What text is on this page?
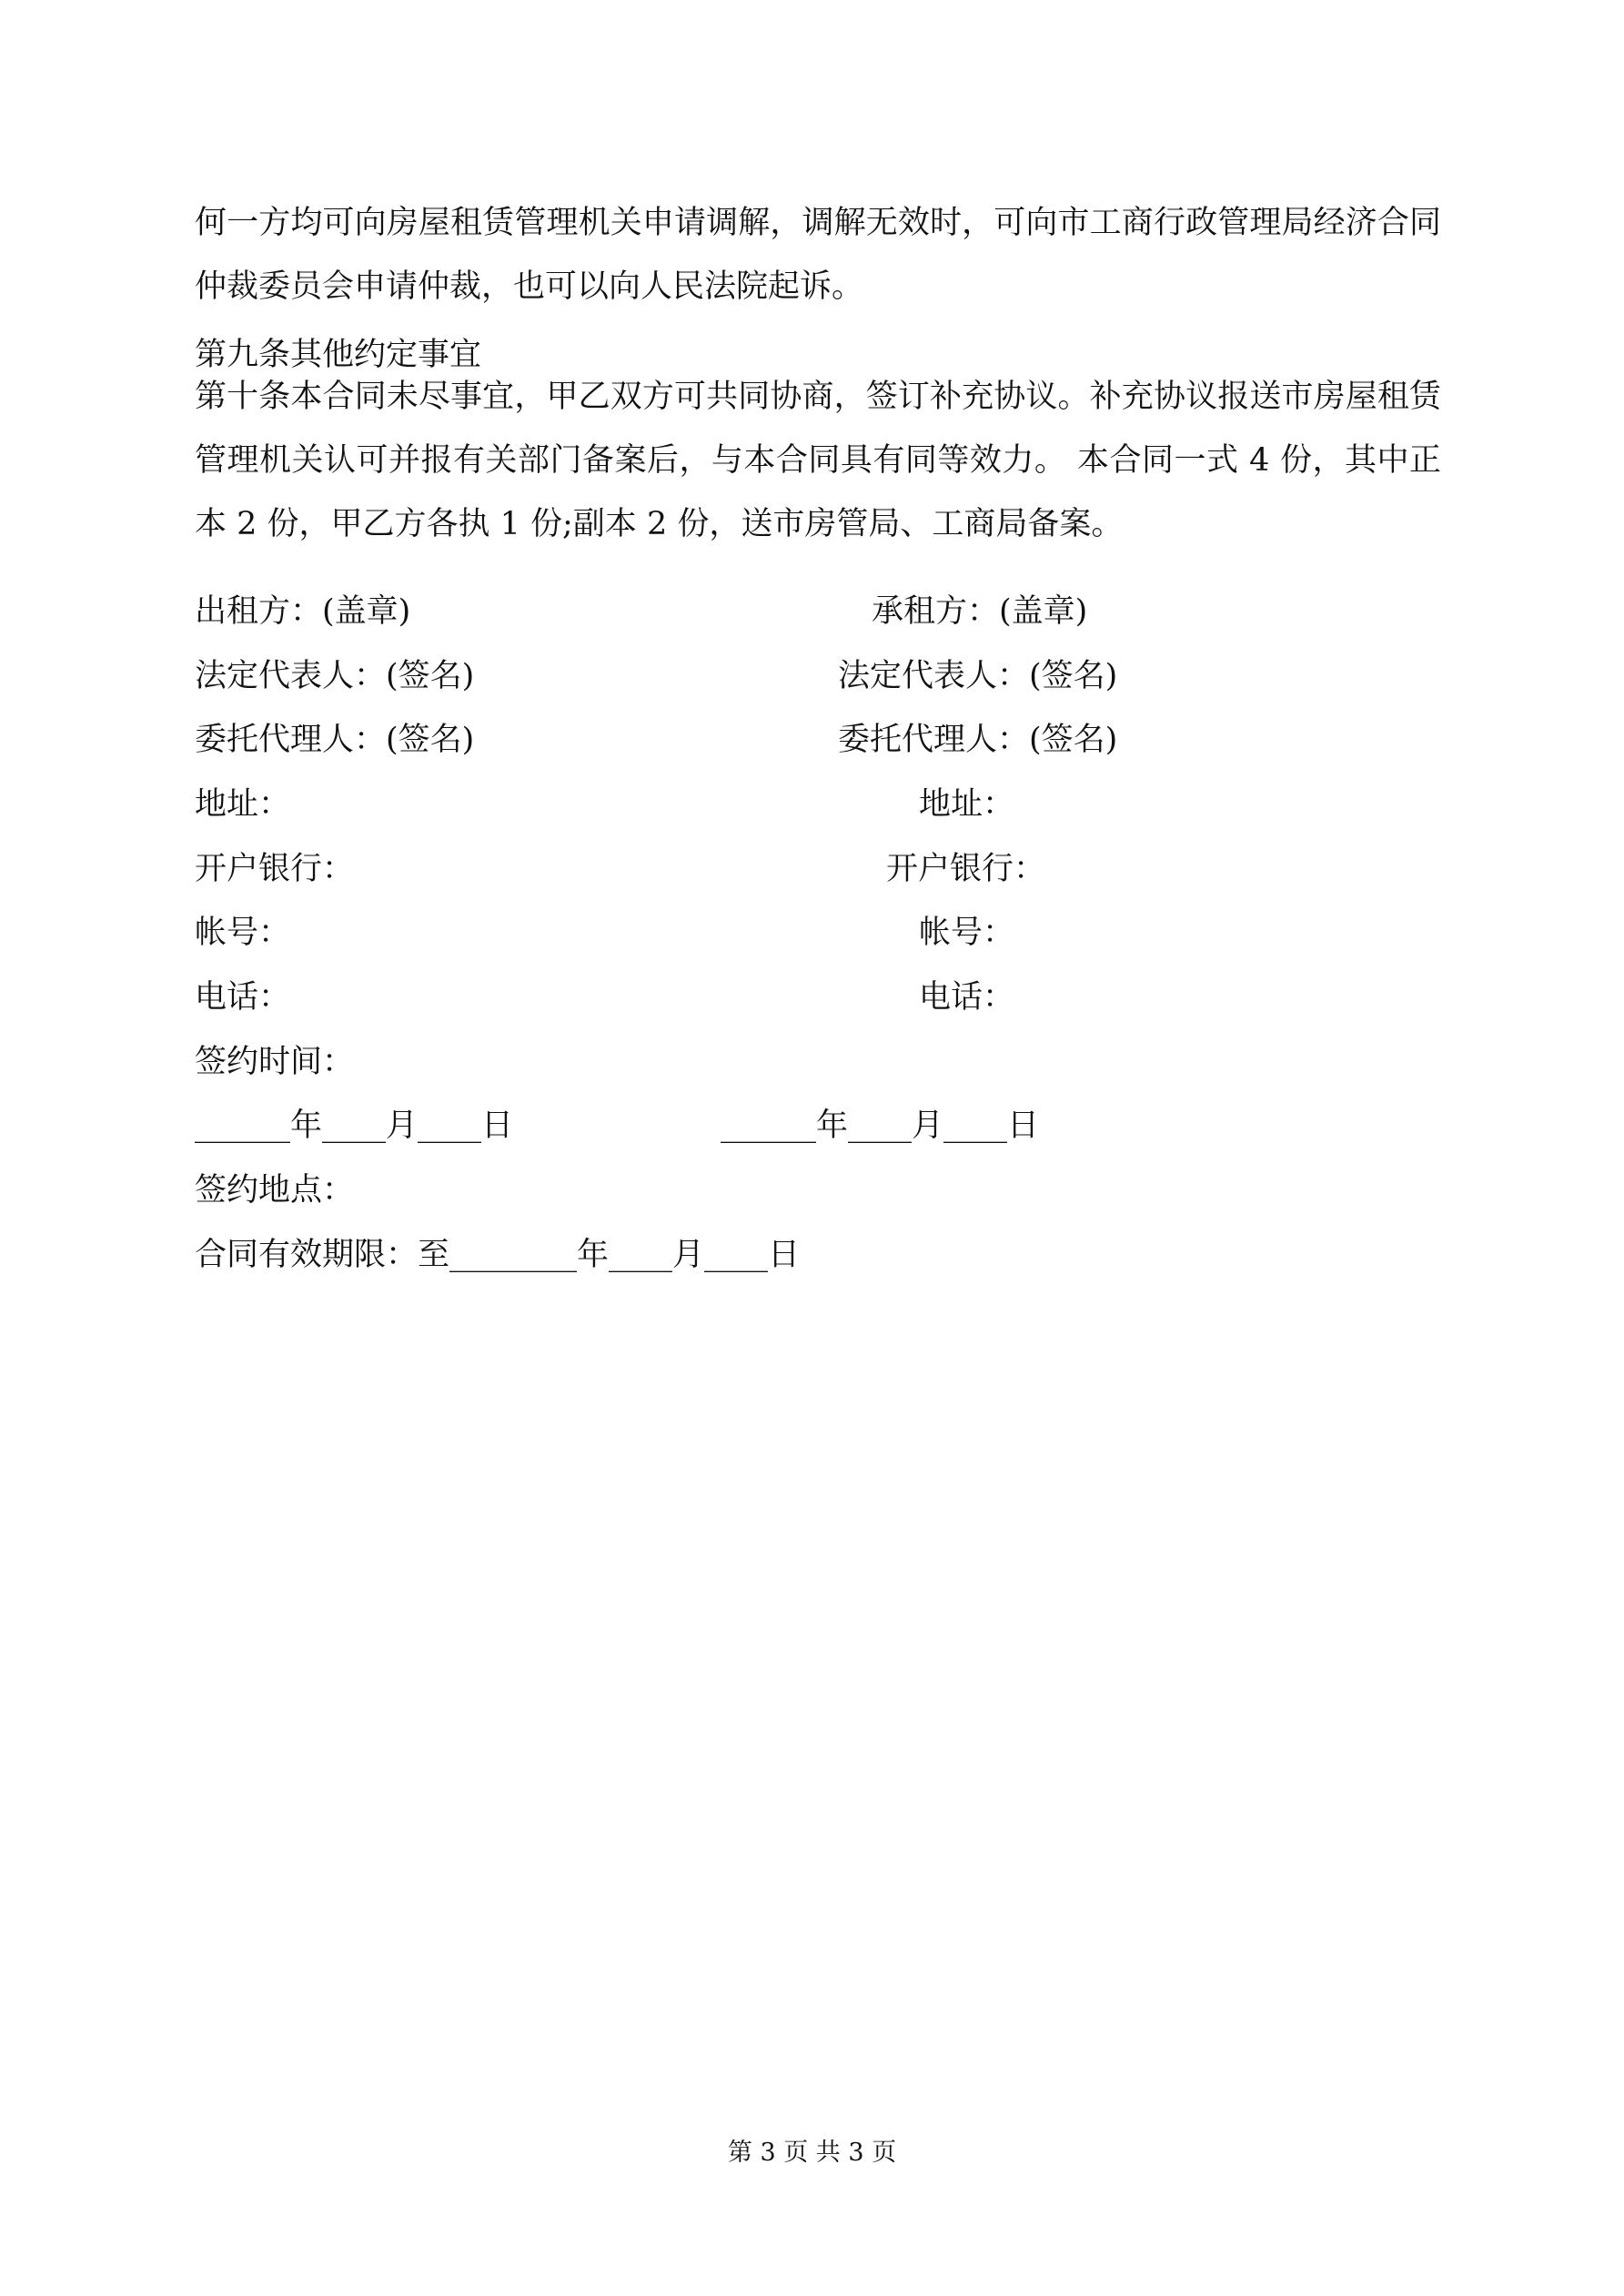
何一方均可向房屋租赁管理机关申请调解，调解无效时，可向市工商行政管理局经济合同仲裁委员会申请仲裁，也可以向人民法院起诉。
第九条其他约定事宜
第十条本合同未尽事宜，甲乙双方可共同协商，签订补充协议。补充协议报送市房屋租赁管理机关认可并报有关部门备案后，与本合同具有同等效力。 本合同一式 4 份，其中正本 2 份，甲乙方各执 1 份;副本 2 份，送市房管局、工商局备案。
出租方：(盖章)	承租方：(盖章)
法定代表人：(签名)	法定代表人：(签名)
委托代理人：(签名)	委托代理人：(签名)
地址：	地址：
开户银行：	开户银行：
帐号：	帐号：
电话：	电话：
签约时间：
______年____月____日	______年____月____日
签约地点：
合同有效期限：至________年____月____日
第 3 页 共 3 页
